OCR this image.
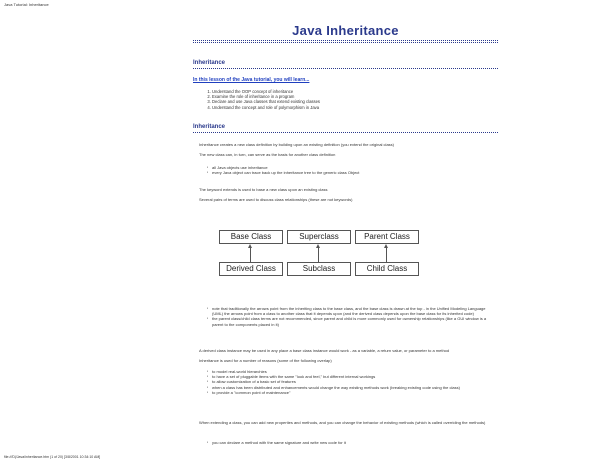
Java Tutorial: Inheritance
Java Inheritance
Inheritance
In this lesson of the Java tutorial, you will learn...
1. Understand the OOP concept of inheritance
2. Examine the role of inheritance in a program
3. Declare and use Java classes that extend existing classes
4. Understand the concept and role of polymorphism in Java
Inheritance
Inheritance creates a new class definition by building upon an existing definition (you extend the original class)
The new class can, in turn, can serve as the basis for another class definition
▪ all Java objects use inheritance
▪ every Java object can trace back up the inheritance tree to the generic class Object
The keyword extends is used to base a new class upon an existing class
Several pairs of terms are used to discuss class relationships (these are not keywords)
Base Class	Superclass	Parent Class
Derived Class	Subclass	Child Class
▪ note that traditionally the arrows point from the inheriting class to the base class, and the base class is drawn at the top - in the Unified Modeling Language (UML) the arrows point from a class to another class that it depends upon (and the derived class depends upon the base class for its inherited code)
▪ the parent class/child class terms are not recommended, since parent and child is more commonly used for ownership relationships (like a GUI window is a parent to the components placed in it)
A derived class instance may be used in any place a base class instance would work - as a variable, a return value, or parameter to a method
Inheritance is used for a number of reasons (some of the following overlap)
▪ to model real-world hierarchies
▪ to have a set of pluggable items with the same "look and feel," but different internal workings
▪ to allow customization of a basic set of features
▪ when a class has been distributed and enhancements would change the way existing methods work (breaking existing code using the class)
▪ to provide a "common point of maintenance"
When extending a class, you can add new properties and methods, and you can change the behavior of existing methods (which is called overriding the methods)
▪ you can declare a method with the same signature and write new code for it
file:///D|/Java/inheritance.htm (1 of 20) [3/8/2001 10:34:10 AM]
